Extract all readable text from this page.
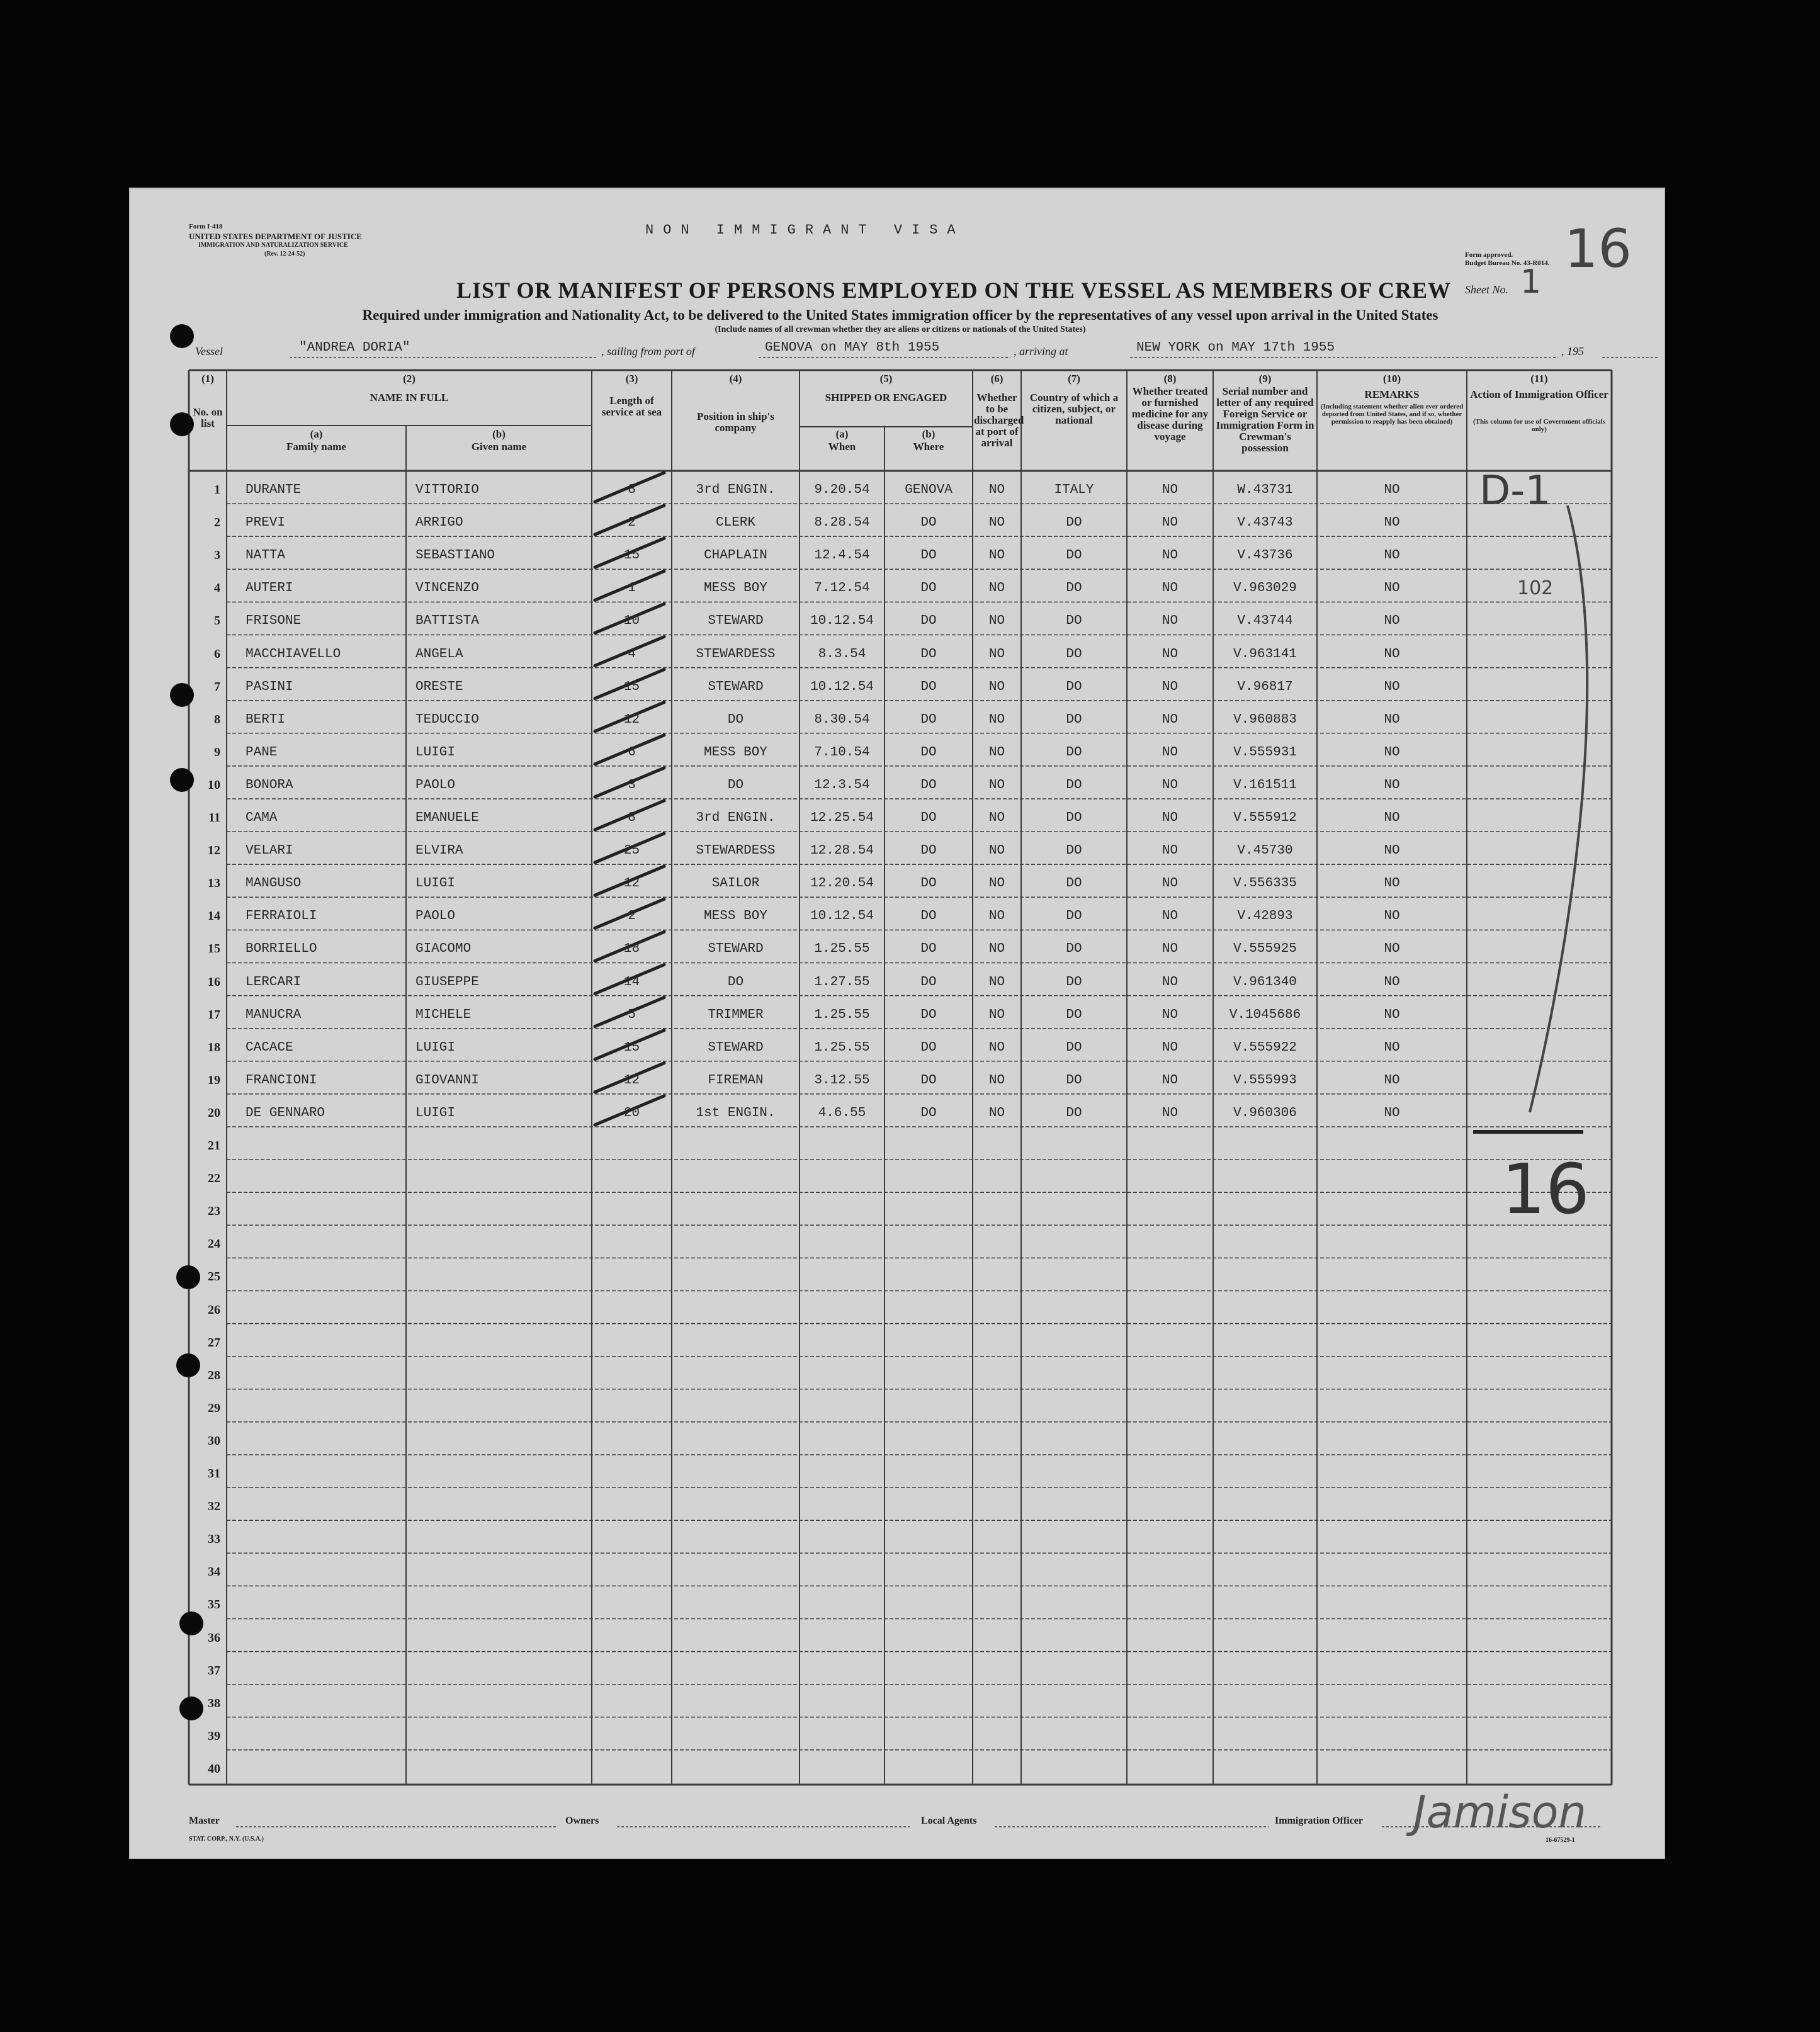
Form I-418
UNITED STATES DEPARTMENT OF JUSTICE
IMMIGRATION AND NATURALIZATION SERVICE
(Rev. 12-24-52)
NON IMMIGRANT VISA
LIST OR MANIFEST OF PERSONS EMPLOYED ON THE VESSEL AS MEMBERS OF CREW
Required under immigration and Nationality Act, to be delivered to the United States immigration officer by the representatives of any vessel upon arrival in the United States
(Include names of all crewman whether they are aliens or citizens or nationals of the United States)
Form approved.
Budget Bureau No. 43-R014.
Sheet No. 1
16
Vessel	"ANDREA DORIA"	, sailing from port of	GENOVA on MAY 8th 1955	, arriving at	NEW YORK on MAY 17th 1955	, 195
(1)	(2)	(3)	(4)	(5)	(6)	(7)	(8)	(9)	(10)	(11)
No. on list
NAME IN FULL
(a)
Family name
(b)
Given name
Length of service at sea	Position in ship's company
SHIPPED OR ENGAGED
(a)
When
(b)
Where
Whether to be discharged at port of arrival
Country of which a citizen, subject, or national
Whether treated or furnished medicine for any disease during voyage
Serial number and letter of any required Foreign Service or Immigration Form in Crewman's possession
REMARKS
(Including statement whether alien ever ordered deported from United States, and if so, whether permission to reapply has been obtained)
Action of Immigration Officer
(This column for use of Government officials only)
1 DURANTE	VITTORIO	8	3rd ENGIN.	9.20.54	GENOVA	NO	ITALY	NO	W.43731	NO
2 PREVI	ARRIGO	2	CLERK	8.28.54	DO	NO	DO	NO	V.43743	NO
3 NATTA	SEBASTIANO	15	CHAPLAIN	12.4.54	DO	NO	DO	NO	V.43736	NO
4 AUTERI	VINCENZO	1	MESS BOY	7.12.54	DO	NO	DO	NO	V.963029	NO
5 FRISONE	BATTISTA	10	STEWARD	10.12.54	DO	NO	DO	NO	V.43744	NO
6 MACCHIAVELLO	ANGELA	4	STEWARDESS	8.3.54	DO	NO	DO	NO	V.963141	NO
7 PASINI	ORESTE	15	STEWARD	10.12.54	DO	NO	DO	NO	V.96817	NO
8 BERTI	TEDUCCIO	12	DO	8.30.54	DO	NO	DO	NO	V.960883	NO
9 PANE	LUIGI	6	MESS BOY	7.10.54	DO	NO	DO	NO	V.555931	NO
10 BONORA	PAOLO	3	DO	12.3.54	DO	NO	DO	NO	V.161511	NO
11 CAMA	EMANUELE	8	3rd ENGIN.	12.25.54	DO	NO	DO	NO	V.555912	NO
12 VELARI	ELVIRA	25	STEWARDESS	12.28.54	DO	NO	DO	NO	V.45730	NO
13 MANGUSO	LUIGI	12	SAILOR	12.20.54	DO	NO	DO	NO	V.556335	NO
14 FERRAIOLI	PAOLO	2	MESS BOY	10.12.54	DO	NO	DO	NO	V.42893	NO
15 BORRIELLO	GIACOMO	18	STEWARD	1.25.55	DO	NO	DO	NO	V.555925	NO
16 LERCARI	GIUSEPPE	14	DO	1.27.55	DO	NO	DO	NO	V.961340	NO
17 MANUCRA	MICHELE	5	TRIMMER	1.25.55	DO	NO	DO	NO	V.1045686	NO
18 CACACE	LUIGI	15	STEWARD	1.25.55	DO	NO	DO	NO	V.555922	NO
19 FRANCIONI	GIOVANNI	12	FIREMAN	3.12.55	DO	NO	DO	NO	V.555993	NO
20 DE GENNARO	LUIGI	20	1st ENGIN.	4.6.55	DO	NO	DO	NO	V.960306	NO
21
22
23
24
25
26
27
28
29
30
31
32
33
34
35
36
37
38
39
40
D-1
102
16
Master	Owners	Local Agents	Immigration Officer Jamison
STAT. CORP., N.Y. (U.S.A.)	16-67529-1
